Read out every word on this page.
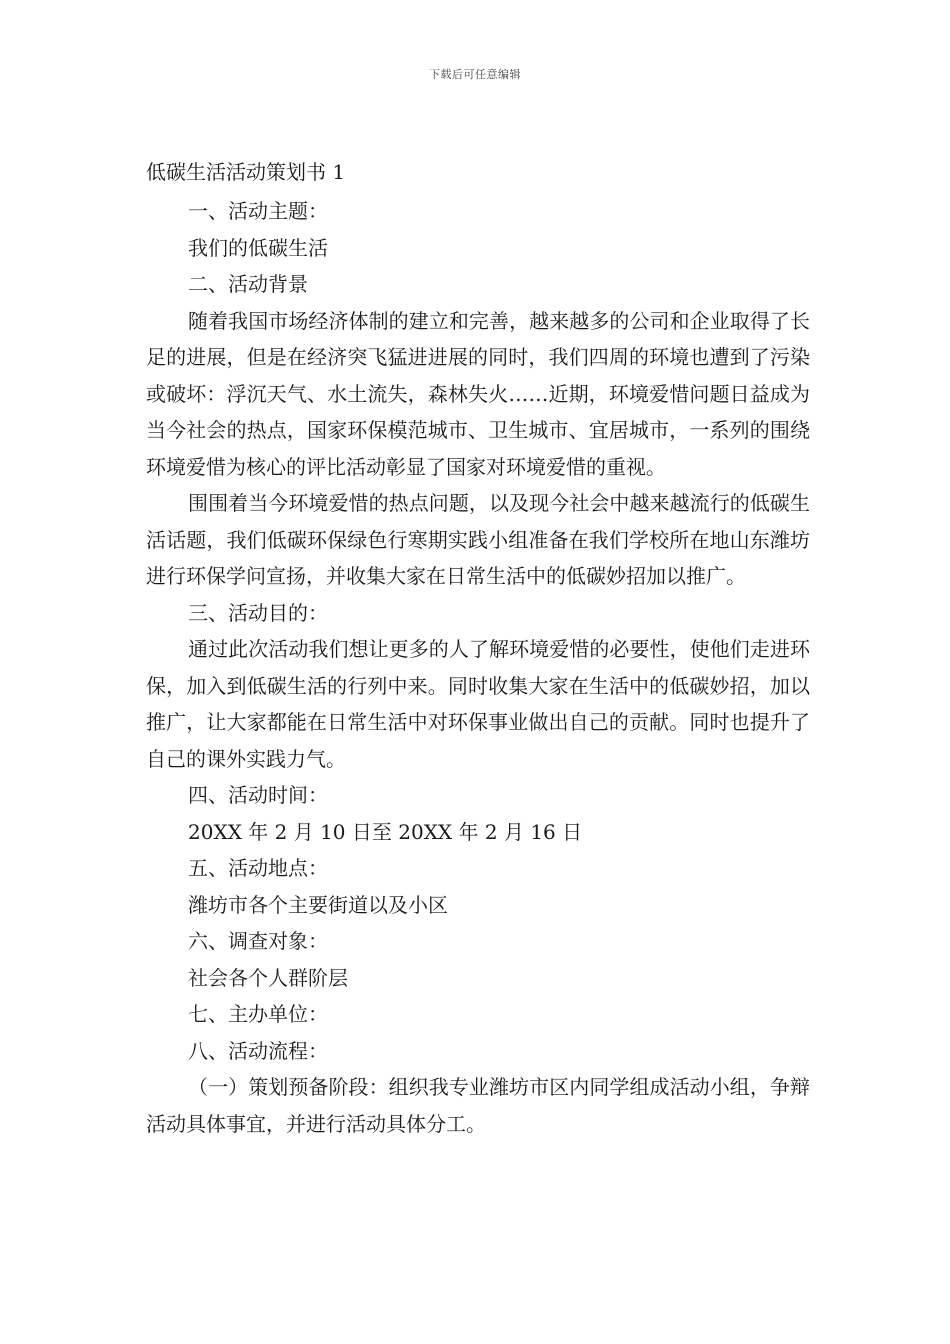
下载后可任意编辑
低碳生活活动策划书 1

一、活动主题：

我们的低碳生活

二、活动背景

随着我国市场经济体制的建立和完善，越来越多的公司和企业取得了长足的进展，但是在经济突飞猛进进展的同时，我们四周的环境也遭到了污染或破坏：浮沉天气、水土流失，森林失火……近期，环境爱惜问题日益成为当今社会的热点，国家环保模范城市、卫生城市、宜居城市，一系列的围绕环境爱惜为核心的评比活动彰显了国家对环境爱惜的重视。

围围着当今环境爱惜的热点问题，以及现今社会中越来越流行的低碳生活话题，我们低碳环保绿色行寒期实践小组准备在我们学校所在地山东潍坊进行环保学问宣扬，并收集大家在日常生活中的低碳妙招加以推广。

三、活动目的：

通过此次活动我们想让更多的人了解环境爱惜的必要性，使他们走进环保，加入到低碳生活的行列中来。同时收集大家在生活中的低碳妙招，加以推广，让大家都能在日常生活中对环保事业做出自己的贡献。同时也提升了自己的课外实践力气。

四、活动时间：

20XX 年 2 月 10 日至 20XX 年 2 月 16 日

五、活动地点：

潍坊市各个主要街道以及小区

六、调查对象：

社会各个人群阶层

七、主办单位：

八、活动流程：

（一）策划预备阶段：组织我专业潍坊市区内同学组成活动小组，争辩活动具体事宜，并进行活动具体分工。
